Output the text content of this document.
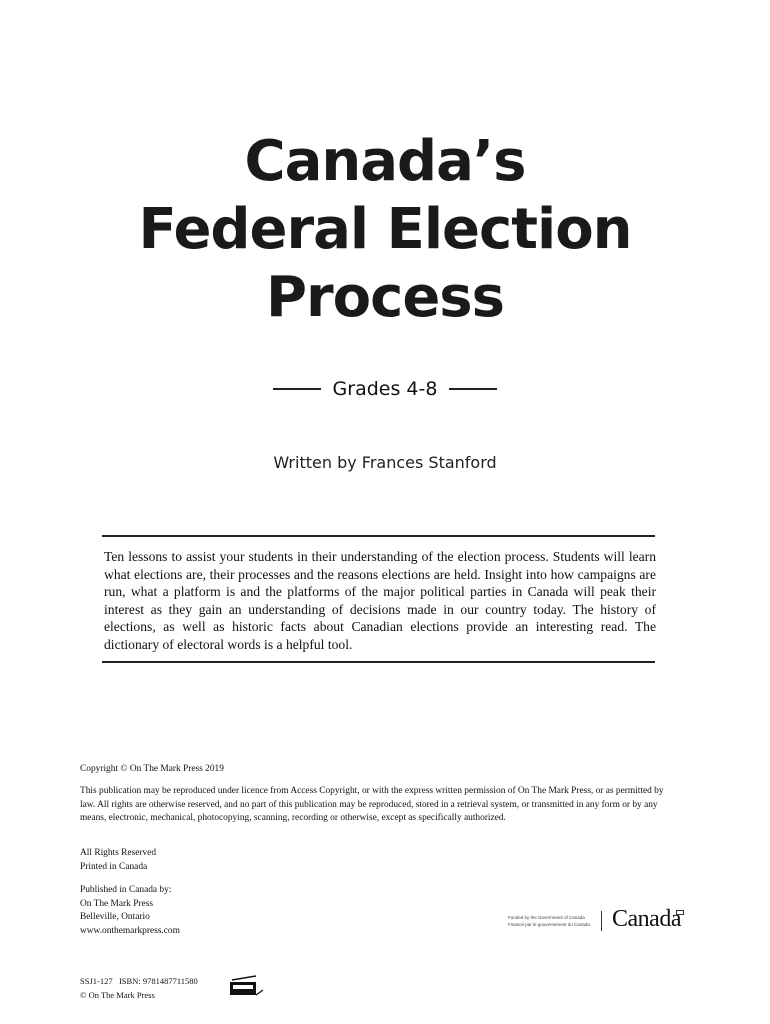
Canada’s
Federal Election
Process
Grades 4-8
Written by Frances Stanford
Ten lessons to assist your students in their understanding of the election process. Students will learn what elections are, their processes and the reasons elections are held. Insight into how campaigns are run, what a platform is and the platforms of the major political parties in Canada will peak their interest as they gain an understanding of decisions made in our country today. The history of elections, as well as historic facts about Canadian elections provide an interesting read. The dictionary of electoral words is a helpful tool.
Copyright © On The Mark Press 2019
This publication may be reproduced under licence from Access Copyright, or with the express written permission of On The Mark Press, or as permitted by law. All rights are otherwise reserved, and no part of this publication may be reproduced, stored in a retrieval system, or transmitted in any form or by any means, electronic, mechanical, photocopying, scanning, recording or otherwise, except as specifically authorized.
All Rights Reserved
Printed in Canada
Published in Canada by:
On The Mark Press
Belleville, Ontario
www.onthemarkpress.com
Funded by the Government of Canada
Financé par le gouvernement du Canada Canada
SSJ1-127 ISBN: 9781487711580
© On The Mark Press
